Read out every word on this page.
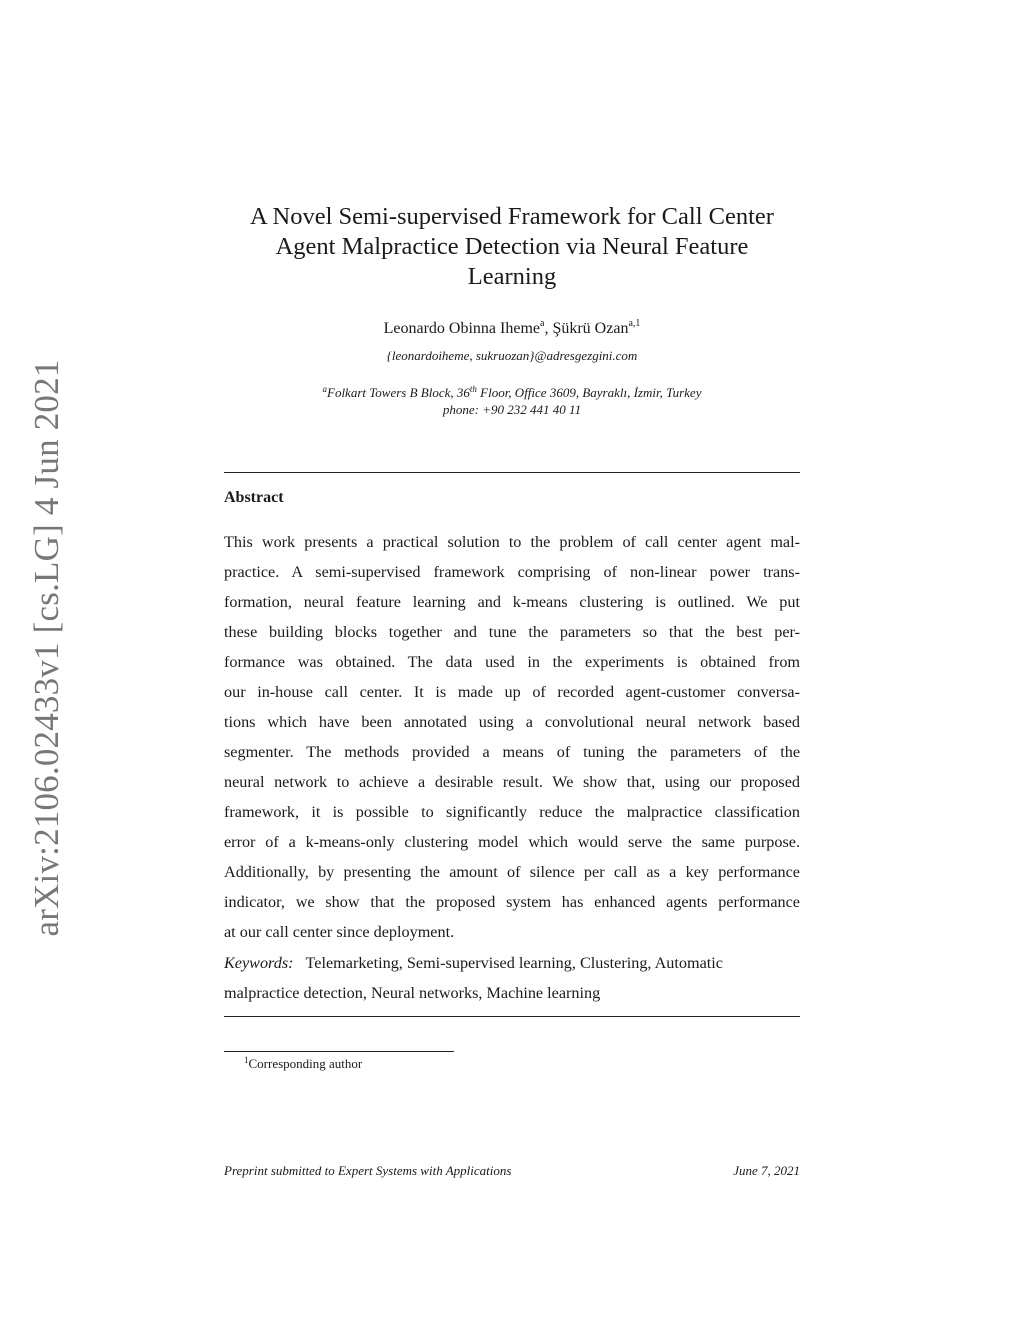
arXiv:2106.02433v1 [cs.LG] 4 Jun 2021
A Novel Semi-supervised Framework for Call Center
Agent Malpractice Detection via Neural Feature
Learning
Leonardo Obinna Iheme$^a$, Şükrü Ozan$^{a,1}$
{leonardoiheme, sukruozan}@adresgezgini.com
$^a$Folkart Towers B Block, 36th Floor, Office 3609, Bayraklı, İzmir, Turkey
phone: +90 232 441 40 11
Abstract
This work presents a practical solution to the problem of call center agent mal-
practice. A semi-supervised framework comprising of non-linear power trans-
formation, neural feature learning and k-means clustering is outlined. We put
these building blocks together and tune the parameters so that the best per-
formance was obtained. The data used in the experiments is obtained from
our in-house call center. It is made up of recorded agent-customer conversa-
tions which have been annotated using a convolutional neural network based
segmenter. The methods provided a means of tuning the parameters of the
neural network to achieve a desirable result. We show that, using our proposed
framework, it is possible to significantly reduce the malpractice classification
error of a k-means-only clustering model which would serve the same purpose.
Additionally, by presenting the amount of silence per call as a key performance
indicator, we show that the proposed system has enhanced agents performance
at our call center since deployment.
Keywords: Telemarketing, Semi-supervised learning, Clustering, Automatic
malpractice detection, Neural networks, Machine learning
$^1$Corresponding author
Preprint submitted to Expert Systems with Applications	June 7, 2021
